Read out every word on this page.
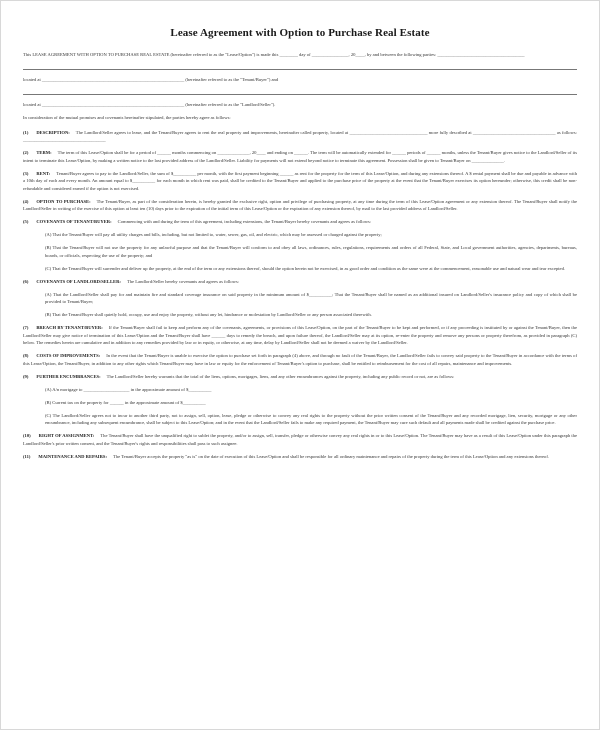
Lease Agreement with Option to Purchase Real Estate

This LEASE AGREEMENT WITH OPTION TO PURCHASE REAL ESTATE (hereinafter referred to as the "Lease/Option") is made this ________ day of ________________, 20____, by and between the following parties: ______________________________________

located at ______________________________________________________________ (hereinafter referred to as the "Tenant/Buyer") and

located at ______________________________________________________________ (hereinafter referred to as the "Landlord/Seller").

In consideration of the mutual promises and covenants hereinafter stipulated, the parties hereby agree as follows:

(1) DESCRIPTION: The Landlord/Seller agrees to lease, and the Tenant/Buyer agrees to rent the real property and improvements, hereinafter called property, located at __________________________________ more fully described at ____________________________________ as follows: ____________________________________

(2) TERM: The term of this Lease/Option shall be for a period of ______ months commencing on ______________, 20____ and ending on ______. The term will be automatically extended for ______ periods of ______ months, unless the Tenant/Buyer gives notice to the Landlord/Seller of its intent to terminate this Lease/Option, by making a written notice to the last provided address of the Landlord/Seller. Liability for payments will not extend beyond notice to terminate this agreement. Possession shall be given to Tenant/Buyer on ______________.

(3) RENT: Tenant/Buyer agrees to pay to the Landlord/Seller, the sum of $__________ per month, with the first payment beginning ______ as rent for the property for the term of this Lease/Option, and during any extensions thereof. A $ rental payment shall be due and payable in advance with a 10th day of each and every month. An amount equal to $__________ for each month in which rent was paid, shall be credited to the Tenant/Buyer and applied to the purchase price of the property at the event that the Tenant/Buyer exercises its option hereunder; otherwise, this credit shall be non-refundable and considered earned if the option is not exercised.

(4) OPTION TO PURCHASE: The Tenant/Buyer, as part of the consideration herein, is hereby granted the exclusive right, option and privilege of purchasing property, at any time during the term of this Lease/Option agreement or any extension thereof. The Tenant/Buyer shall notify the Landlord/Seller in writing of the exercise of this option at least ten (10) days prior to the expiration of the initial term of this Lease/Option or the expiration of any extension thereof, by mail to the last provided address of Landlord/Seller.

(5) COVENANTS OF TENANT/BUYER: Commencing with and during the term of this agreement, including extensions, the Tenant/Buyer hereby covenants and agrees as follows:

(A) That the Tenant/Buyer will pay all utility charges and bills, including, but not limited to, water, sewer, gas, oil, and electric, which may be assessed or charged against the property;

(B) That the Tenant/Buyer will not use the property for any unlawful purpose and that the Tenant/Buyer will conform to and obey all laws, ordinances, rules, regulations, requirements and orders of all Federal, State, and Local government authorities, agencies, departments, bureaus, boards, or officials, respecting the use of the property; and

(C) That the Tenant/Buyer will surrender and deliver up the property, at the end of the term or any extensions thereof, should the option herein not be exercised, in as good order and condition as the same were at the commencement, reasonable use and natural wear and tear excepted.

(6) COVENANTS OF LANDLORD/SELLER: The Landlord/Seller hereby covenants and agrees as follows:

(A) That the Landlord/Seller shall pay for and maintain fire and standard coverage insurance on said property in the minimum amount of $__________; That the Tenant/Buyer shall be named as an additional insured on Landlord/Seller's insurance policy and copy of which shall be provided to Tenant/Buyer;

(B) That the Tenant/Buyer shall quietly hold, occupy, use and enjoy the property, without any let, hindrance or molestation by Landlord/Seller or any person associated therewith.

(7) BREACH BY TENANT/BUYER: If the Tenant/Buyer shall fail to keep and perform any of the covenants, agreements, or provisions of this Lease/Option, on the part of the Tenant/Buyer to be kept and performed, or if any proceeding is instituted by or against the Tenant/Buyer, then the Landlord/Seller may give notice of termination of this Lease/Option and the Tenant/Buyer shall have ______ days to remedy the breach, and upon failure thereof, the Landlord/Seller may at its option, re-enter the property and remove any persons or property therefrom, as provided in paragraph (C) below. The remedies herein are cumulative and in addition to any remedies provided by law or in equity, or otherwise, at any time, delay by Landlord/Seller shall not be deemed a waiver by the Landlord/Seller.

(8) COSTS OF IMPROVEMENTS: In the event that the Tenant/Buyer is unable to exercise the option to purchase set forth in paragraph (4) above, and through no fault of the Tenant/Buyer, the Landlord/Seller fails to convey said property to the Tenant/Buyer in accordance with the terms of this Lease/Option, the Tenant/Buyer, in addition to any other rights which Tenant/Buyer may have in law or equity for the enforcement of Tenant/Buyer's option to purchase, shall be entitled to reimbursement for the cost of all repairs, maintenance and improvements.

(9) FURTHER ENCUMBRANCES: The Landlord/Seller hereby warrants that the total of the liens, options, mortgages, liens, and any other encumbrances against the property, including any public record or not, are as follows:

(A) A/n mortgage to ____________________ in the approximate amount of $__________

(B) Current tax on the property for ______ in the approximate amount of $__________

(C) The Landlord/Seller agrees not to incur to another third party, not to assign, sell, option, lease, pledge or otherwise to convey any real rights to the property without the prior written consent of the Tenant/Buyer and any recorded mortgage, lien, security, mortgage or any other encumbrance, including any subsequent encumbrance, shall be subject to this Lease/Option; and in the event that the Landlord/Seller fails to make any required payment, the Tenant/Buyer may cure such default and all payments made shall be credited against the purchase price.

(10) RIGHT OF ASSIGNMENT: The Tenant/Buyer shall have the unqualified right to sublet the property, and/or to assign, sell, transfer, pledge or otherwise convey any real rights in or to this Lease/Option. The Tenant/Buyer may have as a result of this Lease/Option under this paragraph the Landlord/Seller's prior written consent, and the Tenant/Buyer's rights and responsibilities shall pass to such assignee.

(11) MAINTENANCE AND REPAIRS: The Tenant/Buyer accepts the property "as is" on the date of execution of this Lease/Option and shall be responsible for all ordinary maintenance and repairs of the property during the term of this Lease/Option and any extensions thereof.
